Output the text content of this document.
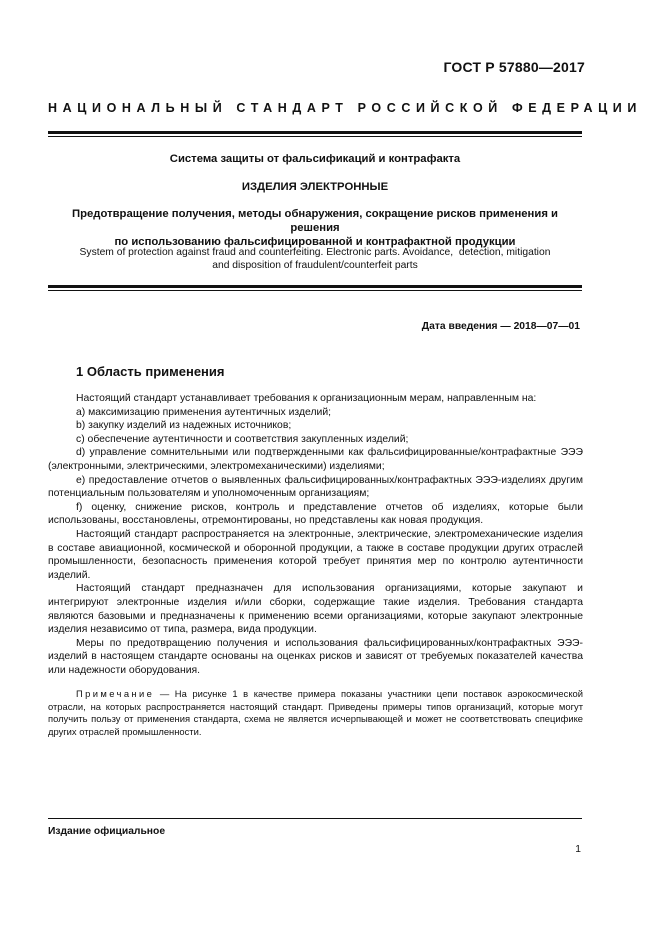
ГОСТ Р 57880—2017
НАЦИОНАЛЬНЫЙ СТАНДАРТ РОССИЙСКОЙ ФЕДЕРАЦИИ
Система защиты от фальсификаций и контрафакта
ИЗДЕЛИЯ ЭЛЕКТРОННЫЕ
Предотвращение получения, методы обнаружения, сокращение рисков применения и решения
по использованию фальсифицированной и контрафактной продукции
System of protection against fraud and counterfeiting. Electronic parts. Avoidance,  detection, mitigation
and disposition of fraudulent/counterfeit parts
Дата введения — 2018—07—01
1 Область применения

Настоящий стандарт устанавливает требования к организационным мерам, направленным на:

а) максимизацию применения аутентичных изделий;

b) закупку изделий из надежных источников;

c) обеспечение аутентичности и соответствия закупленных изделий;

d) управление сомнительными или подтвержденными как фальсифицированные/контрафактные ЭЭЭ (электронными, электрическими, электромеханическими) изделиями;

e) предоставление отчетов о выявленных фальсифицированных/контрафактных ЭЭЭ-изделиях другим потенциальным пользователям и уполномоченным организациям;

f) оценку, снижение рисков, контроль и представление отчетов об изделиях, которые были использованы, восстановлены, отремонтированы, но представлены как новая продукция.

Настоящий стандарт распространяется на электронные, электрические, электромеханические изделия в составе авиационной, космической и оборонной продукции, а также в составе продукции других отраслей промышленности, безопасность применения которой требует принятия мер по контролю аутентичности изделий.

Настоящий стандарт предназначен для использования организациями, которые закупают и интегрируют электронные изделия и/или сборки, содержащие такие изделия. Требования стандарта являются базовыми и предназначены к применению всеми организациями, которые закупают электронные изделия независимо от типа, размера, вида продукции.

Меры по предотвращению получения и использования фальсифицированных/контрафактных ЭЭЭ-изделий в настоящем стандарте основаны на оценках рисков и зависят от требуемых показателей качества или надежности оборудования.

Примечание — На рисунке 1 в качестве примера показаны участники цепи поставок аэрокосмической отрасли, на которых распространяется настоящий стандарт. Приведены примеры типов организаций, которые могут получить пользу от применения стандарта, схема не является исчерпывающей и может не соответствовать специфике других отраслей промышленности.
Издание официальное
1
